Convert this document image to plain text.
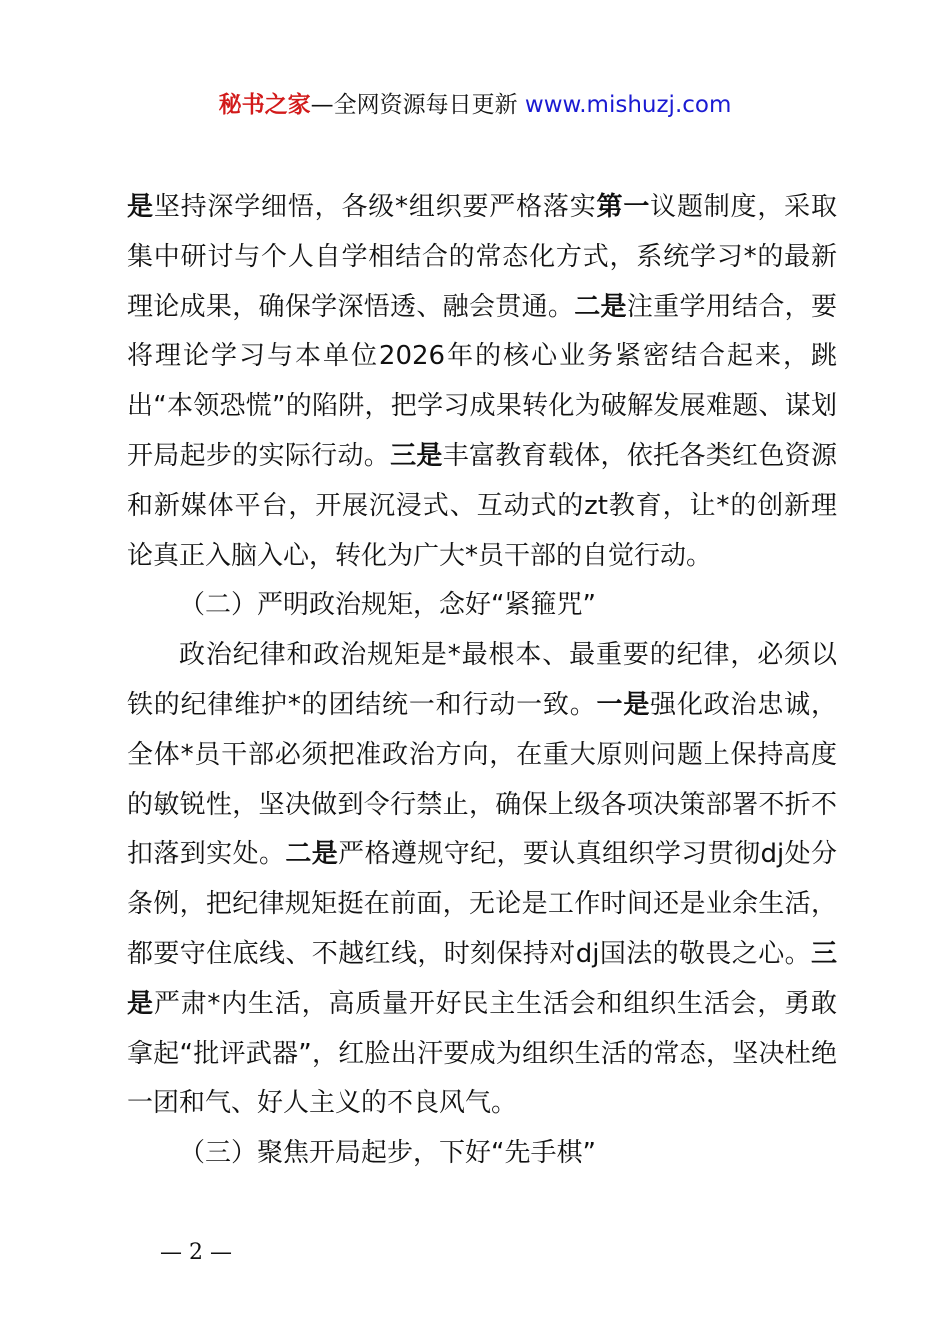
秘书之家—全网资源每日更新 www.mishuzj.com

是坚持深学细悟，各级*组织要严格落实第一议题制度，采取集中研讨与个人自学相结合的常态化方式，系统学习*的最新理论成果，确保学深悟透、融会贯通。二是注重学用结合，要将理论学习与本单位2026年的核心业务紧密结合起来，跳出“本领恐慌”的陷阱，把学习成果转化为破解发展难题、谋划开局起步的实际行动。三是丰富教育载体，依托各类红色资源和新媒体平台，开展沉浸式、互动式的zt教育，让*的创新理论真正入脑入心，转化为广大*员干部的自觉行动。

（二）严明政治规矩，念好“紧箍咒”

政治纪律和政治规矩是*最根本、最重要的纪律，必须以铁的纪律维护*的团结统一和行动一致。一是强化政治忠诚，全体*员干部必须把准政治方向，在重大原则问题上保持高度的敏锐性，坚决做到令行禁止，确保上级各项决策部署不折不扣落到实处。二是严格遵规守纪，要认真组织学习贯彻dj处分条例，把纪律规矩挺在前面，无论是工作时间还是业余生活，都要守住底线、不越红线，时刻保持对dj国法的敬畏之心。三是严肃*内生活，高质量开好民主生活会和组织生活会，勇敢拿起“批评武器”，红脸出汗要成为组织生活的常态，坚决杜绝一团和气、好人主义的不良风气。

（三）聚焦开局起步，下好“先手棋”

— 2 —
